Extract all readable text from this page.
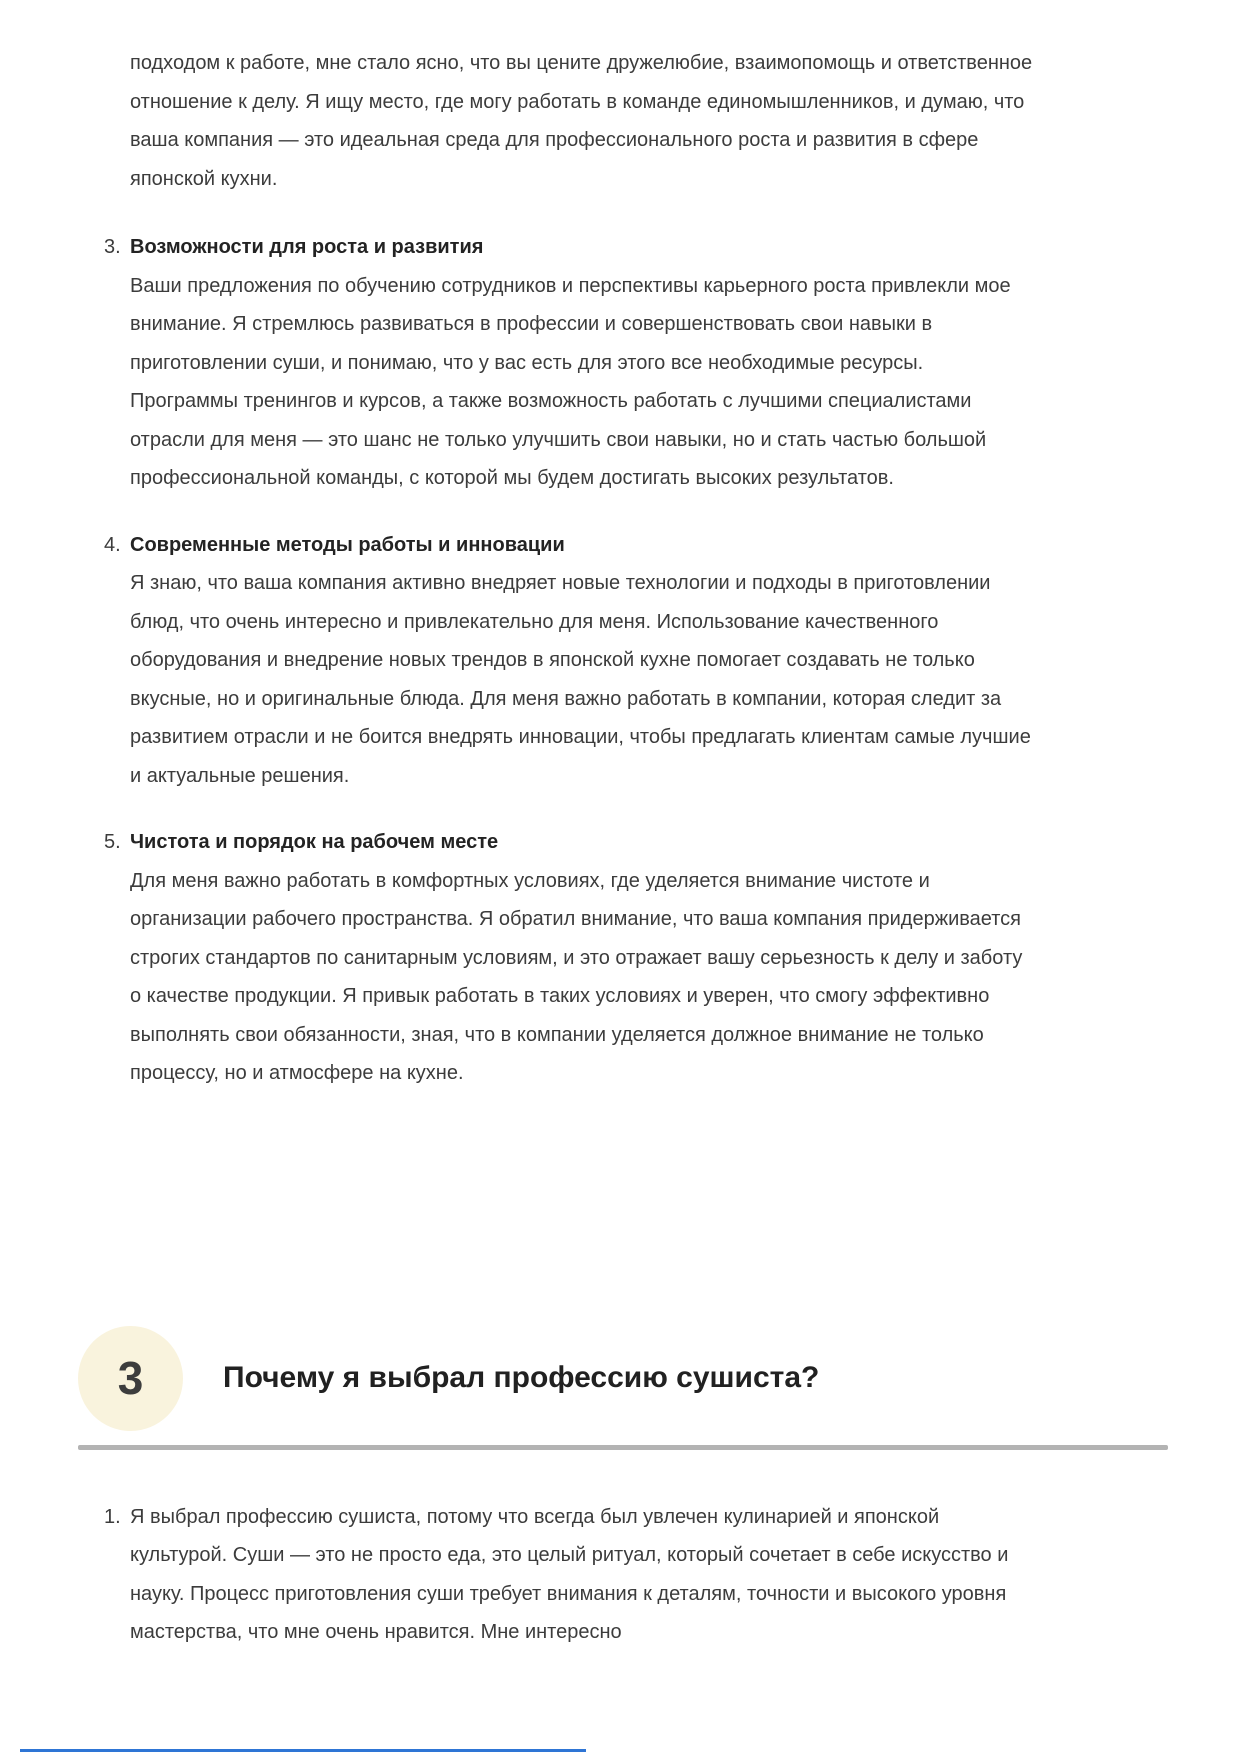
подходом к работе, мне стало ясно, что вы цените дружелюбие, взаимопомощь и ответственное отношение к делу. Я ищу место, где могу работать в команде единомышленников, и думаю, что ваша компания — это идеальная среда для профессионального роста и развития в сфере японской кухни.

3. Возможности для роста и развития
Ваши предложения по обучению сотрудников и перспективы карьерного роста привлекли мое внимание. Я стремлюсь развиваться в профессии и совершенствовать свои навыки в приготовлении суши, и понимаю, что у вас есть для этого все необходимые ресурсы. Программы тренингов и курсов, а также возможность работать с лучшими специалистами отрасли для меня — это шанс не только улучшить свои навыки, но и стать частью большой профессиональной команды, с которой мы будем достигать высоких результатов.
4. Современные методы работы и инновации
Я знаю, что ваша компания активно внедряет новые технологии и подходы в приготовлении блюд, что очень интересно и привлекательно для меня. Использование качественного оборудования и внедрение новых трендов в японской кухне помогает создавать не только вкусные, но и оригинальные блюда. Для меня важно работать в компании, которая следит за развитием отрасли и не боится внедрять инновации, чтобы предлагать клиентам самые лучшие и актуальные решения.
5. Чистота и порядок на рабочем месте
Для меня важно работать в комфортных условиях, где уделяется внимание чистоте и организации рабочего пространства. Я обратил внимание, что ваша компания придерживается строгих стандартов по санитарным условиям, и это отражает вашу серьезность к делу и заботу о качестве продукции. Я привык работать в таких условиях и уверен, что смогу эффективно выполнять свои обязанности, зная, что в компании уделяется должное внимание не только процессу, но и атмосфере на кухне.
3	Почему я выбрал профессию сушиста?
1. Я выбрал профессию сушиста, потому что всегда был увлечен кулинарией и японской культурой. Суши — это не просто еда, это целый ритуал, который сочетает в себе искусство и науку. Процесс приготовления суши требует внимания к деталям, точности и высокого уровня мастерства, что мне очень нравится. Мне интересно
